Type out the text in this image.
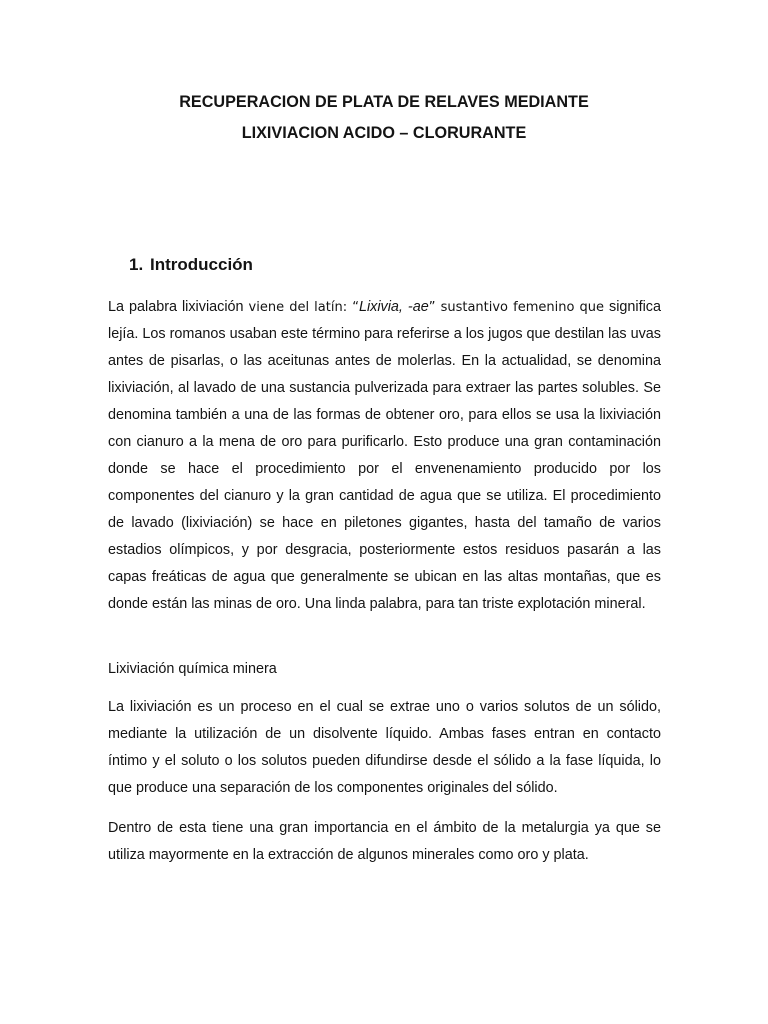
RECUPERACION DE PLATA DE RELAVES MEDIANTE
LIXIVIACION ACIDO – CLORURANTE
1. Introducción

La palabra lixiviación viene del latín: “Lixivia, -ae” sustantivo femenino que significa lejía. Los romanos usaban este término para referirse a los jugos que destilan las uvas antes de pisarlas, o las aceitunas antes de molerlas. En la actualidad, se denomina lixiviación, al lavado de una sustancia pulverizada para extraer las partes solubles. Se denomina también a una de las formas de obtener oro, para ellos se usa la lixiviación con cianuro a la mena de oro para purificarlo. Esto produce una gran contaminación donde se hace el procedimiento por el envenenamiento producido por los componentes del cianuro y la gran cantidad de agua que se utiliza. El procedimiento de lavado (lixiviación) se hace en piletones gigantes, hasta del tamaño de varios estadios olímpicos, y por desgracia, posteriormente estos residuos pasarán a las capas freáticas de agua que generalmente se ubican en las altas montañas, que es donde están las minas de oro. Una linda palabra, para tan triste explotación mineral.

Lixiviación química minera

La lixiviación es un proceso en el cual se extrae uno o varios solutos de un sólido, mediante la utilización de un disolvente líquido. Ambas fases entran en contacto íntimo y el soluto o los solutos pueden difundirse desde el sólido a la fase líquida, lo que produce una separación de los componentes originales del sólido.

Dentro de esta tiene una gran importancia en el ámbito de la metalurgia ya que se utiliza mayormente en la extracción de algunos minerales como oro y plata.
